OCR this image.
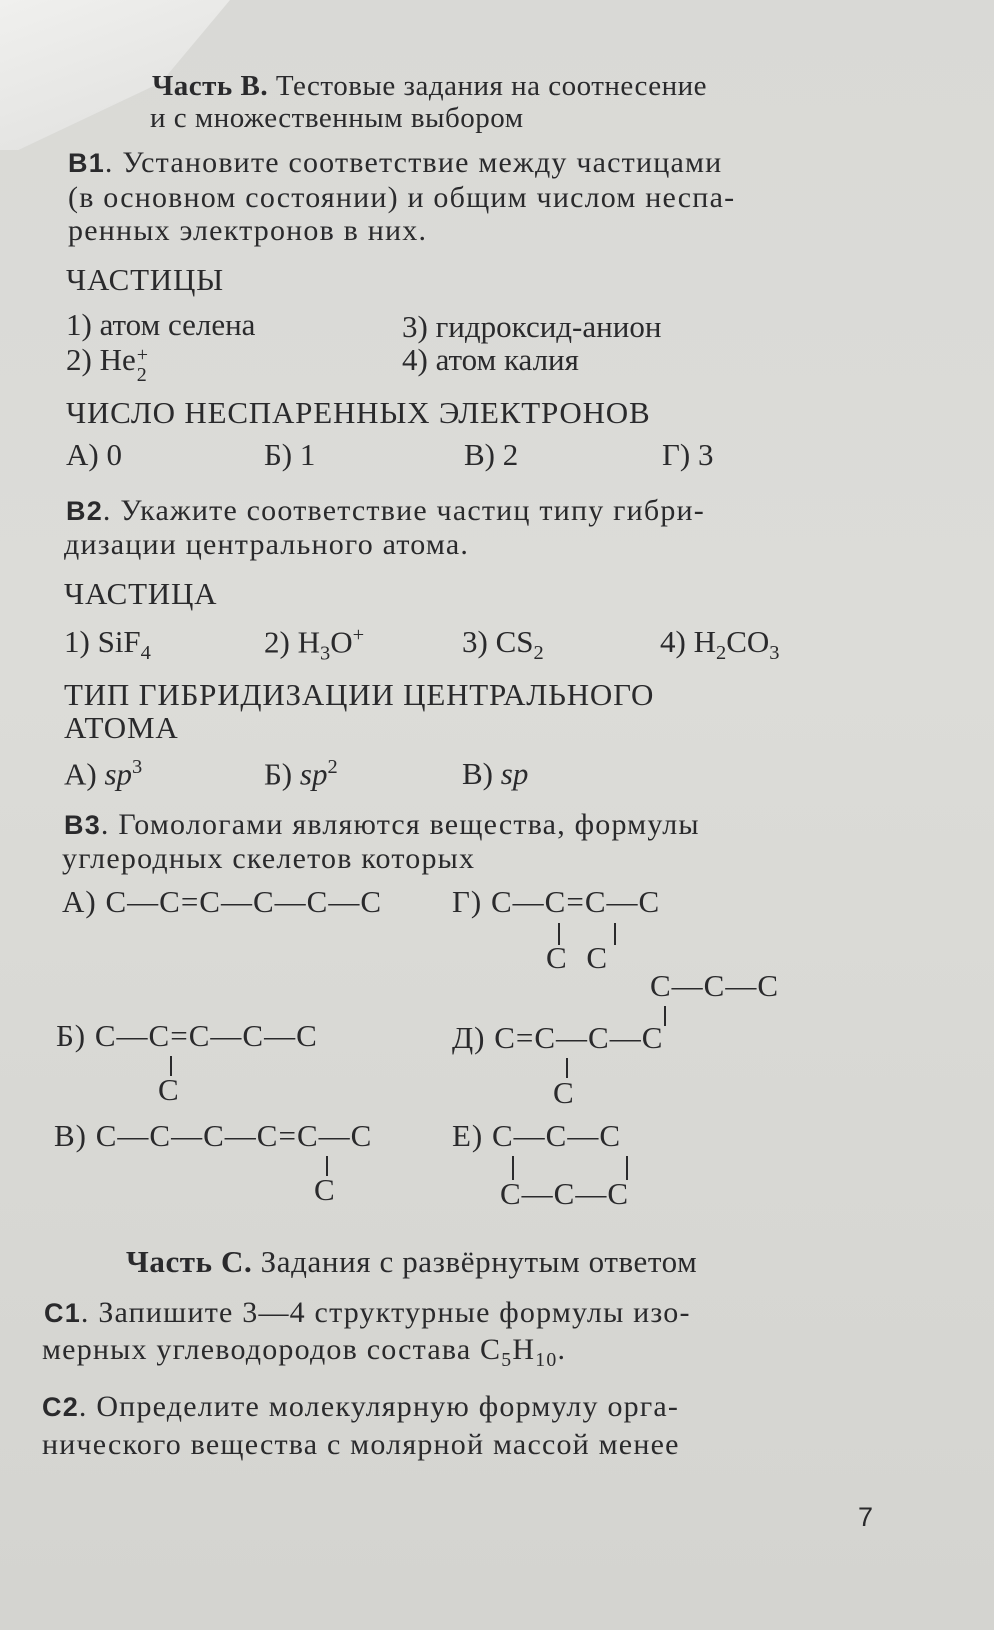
Часть В. Тестовые задания на соотнесение
и с множественным выбором
В1. Установите соответствие между частицами
(в основном состоянии) и общим числом неспа-
ренных электронов в них.
ЧАСТИЦЫ
1) атом селена
2) He +
2
3) гидроксид-анион
4) атом калия
ЧИСЛО НЕСПАРЕННЫХ ЭЛЕКТРОНОВ
А) 0	Б) 1	В) 2	Г) 3
В2. Укажите соответствие частиц типу гибри-
дизации центрального атома.
ЧАСТИЦА
1) SiF$_4$	2) $H_3O^+$	3) $CS_2$	4) $H_2CO_3$
ТИП ГИБРИДИЗАЦИИ ЦЕНТРАЛЬНОГО
АТОМА
А) $sp^3$	Б) $sp^2$	В) sp
В3. Гомологами являются вещества, формулы
углеродных скелетов которых
А) С—С=С—С—С—С Г) С—С=С—С
С С
С—С—С
Д) С=С—С—С
С
Б) С—С=С—С—С
С
В) С—С—С—С=С—С
С
Е) С—С—С
С—С—С
Часть С. Задания с развёрнутым ответом
С1. Запишите 3—4 структурные формулы изо-
мерных углеводородов состава $C_5H_{10}$.
С2. Определите молекулярную формулу орга-
нического вещества с молярной массой менее
7
